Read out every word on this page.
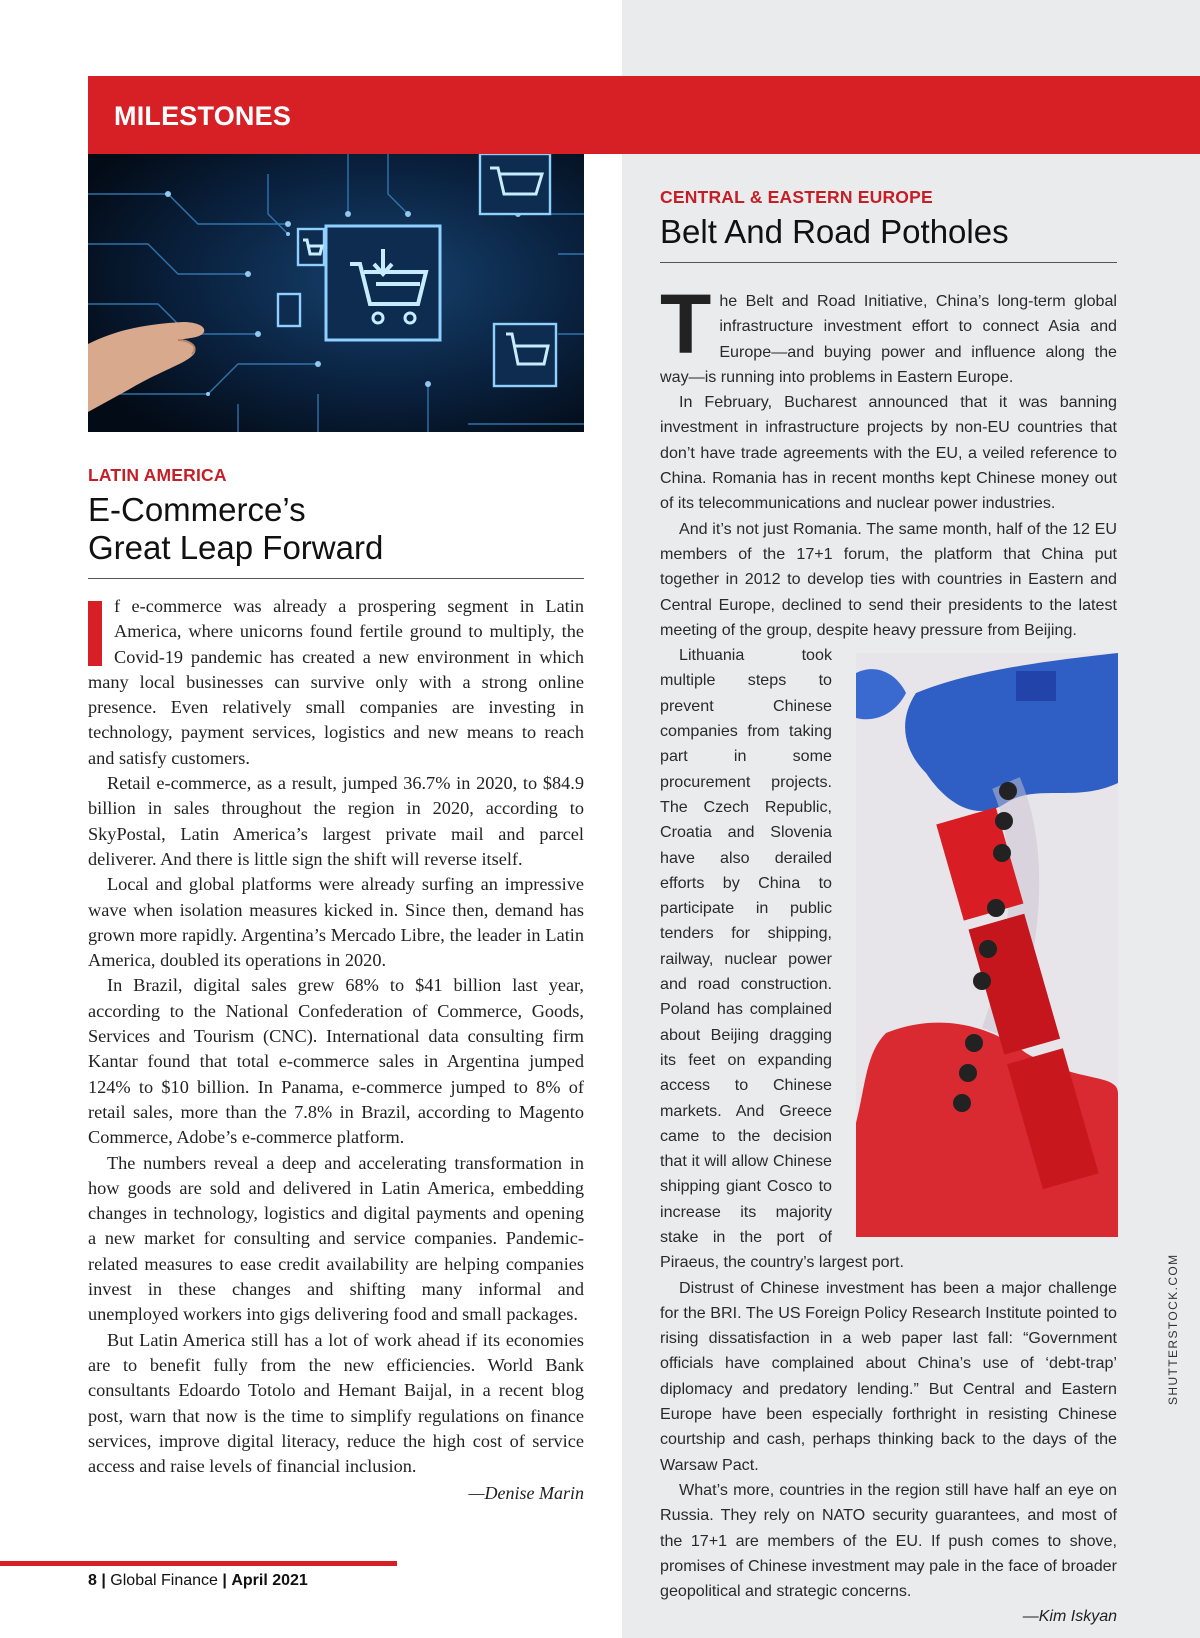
MILESTONES
LATIN AMERICA
E-Commerce’s
Great Leap Forward

f e-commerce was already a prospering segment in Latin America, where unicorns found fertile ground to multiply, the Covid-19 pandemic has created a new environment in which many local businesses can survive only with a strong online presence. Even relatively small companies are investing in technology, payment services, logistics and new means to reach and satisfy customers.

Retail e-commerce, as a result, jumped 36.7% in 2020, to $84.9 billion in sales throughout the region in 2020, according to SkyPostal, Latin America’s largest private mail and parcel deliverer. And there is little sign the shift will reverse itself.

Local and global platforms were already surfing an impressive wave when isolation measures kicked in. Since then, demand has grown more rapidly. Argentina’s Mercado Libre, the leader in Latin America, doubled its operations in 2020.

In Brazil, digital sales grew 68% to $41 billion last year, according to the National Confederation of Commerce, Goods, Services and Tourism (CNC). International data consulting firm Kantar found that total e-commerce sales in Argentina jumped 124% to $10 billion. In Panama, e-commerce jumped to 8% of retail sales, more than the 7.8% in Brazil, according to Magento Commerce, Adobe’s e-commerce platform.

The numbers reveal a deep and accelerating transformation in how goods are sold and delivered in Latin America, embedding changes in technology, logistics and digital payments and opening a new market for consulting and service companies. Pandemic-related measures to ease credit availability are helping companies invest in these changes and shifting many informal and unemployed workers into gigs delivering food and small packages.

But Latin America still has a lot of work ahead if its economies are to benefit fully from the new efficiencies. World Bank consultants Edoardo Totolo and Hemant Baijal, in a recent blog post, warn that now is the time to simplify regulations on finance services, improve digital literacy, reduce the high cost of service access and raise levels of financial inclusion.

—Denise Marin
CENTRAL & EASTERN EUROPE
Belt And Road Potholes

The Belt and Road Initiative, China’s long-term global infrastructure investment effort to connect Asia and Europe—and buying power and influence along the way—is running into problems in Eastern Europe.

In February, Bucharest announced that it was banning investment in infrastructure projects by non-EU countries that don’t have trade agreements with the EU, a veiled reference to China. Romania has in recent months kept Chinese money out of its telecommunications and nuclear power industries.

And it’s not just Romania. The same month, half of the 12 EU members of the 17+1 forum, the platform that China put together in 2012 to develop ties with countries in Eastern and Central Europe, declined to send their presidents to the latest meeting of the group, despite heavy pressure from Beijing.

Lithuania took multiple steps to prevent Chinese companies from taking part in some procurement projects. The Czech Republic, Croatia and Slovenia have also derailed efforts by China to participate in public tenders for shipping, railway, nuclear power and road construction. Poland has complained about Beijing dragging its feet on expanding access to Chinese markets. And Greece came to the decision that it will allow Chinese shipping giant Cosco to increase its majority stake in the port of Piraeus, the country’s largest port.

Distrust of Chinese investment has been a major challenge for the BRI. The US Foreign Policy Research Institute pointed to rising dissatisfaction in a web paper last fall: “Government officials have complained about China’s use of ‘debt-trap’ diplomacy and predatory lending.” But Central and Eastern Europe have been especially forthright in resisting Chinese courtship and cash, perhaps thinking back to the days of the Warsaw Pact.

What’s more, countries in the region still have half an eye on Russia. They rely on NATO security guarantees, and most of the 17+1 are members of the EU. If push comes to shove, promises of Chinese investment may pale in the face of broader geopolitical and strategic concerns.

—Kim Iskyan
SHUTTERSTOCK.COM
8 | Global Finance | April 2021
